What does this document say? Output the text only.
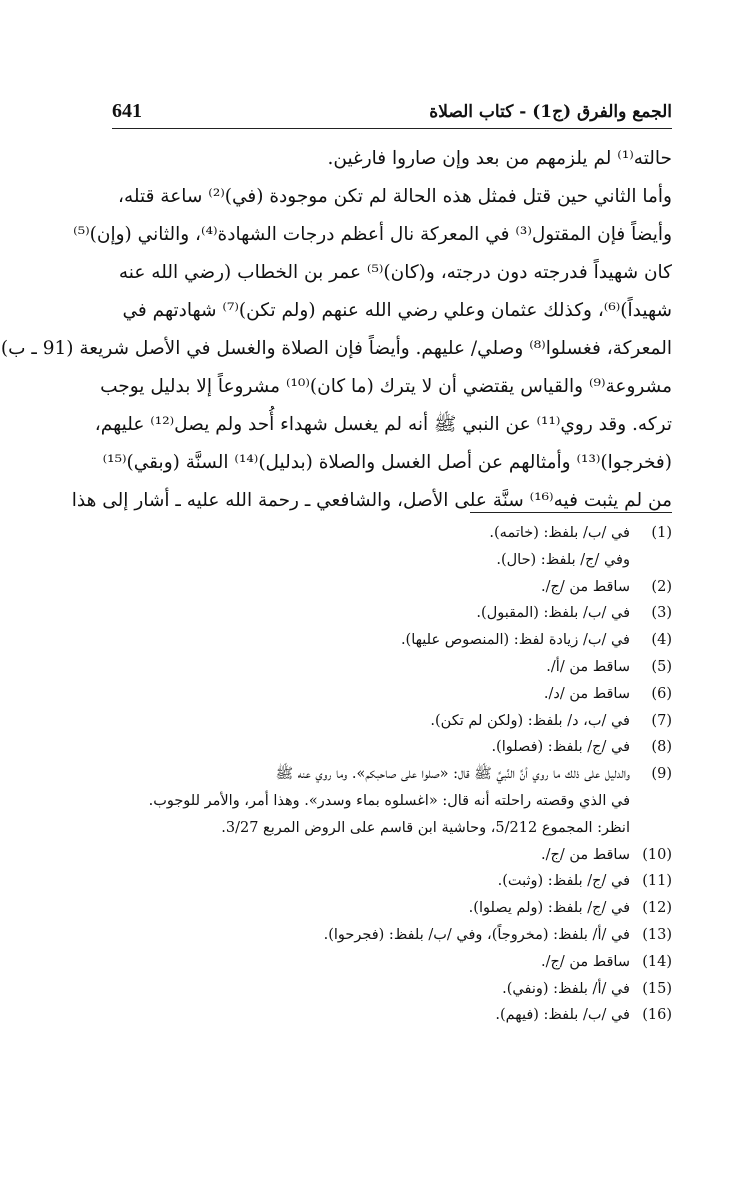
641	الجمع والفرق (ج1) - كتاب الصلاة
حالته⁽¹⁾ لم يلزمهم من بعد وإن صاروا فارغين.
وأما الثاني حين قتل فمثل هذه الحالة لم تكن موجودة (في)⁽²⁾ ساعة قتله،
وأيضاً فإن المقتول⁽³⁾ في المعركة نال أعظم درجات الشهادة⁽⁴⁾، والثاني (وإن)⁽⁵⁾
كان شهيداً فدرجته دون درجته، و(كان)⁽⁵⁾ عمر بن الخطاب (رضي الله عنه
شهيداً)⁽⁶⁾، وكذلك عثمان وعلي رضي الله عنهم (ولم تكن)⁽⁷⁾ شهادتهم في
المعركة، فغسلوا⁽⁸⁾ وصلي/ عليهم. وأيضاً فإن الصلاة والغسل في الأصل شريعة (91 ـ ب)
مشروعة⁽⁹⁾ والقياس يقتضي أن لا يترك (ما كان)⁽¹⁰⁾ مشروعاً إلا بدليل يوجب
تركه. وقد روي⁽¹¹⁾ عن النبي ﷺ أنه لم يغسل شهداء أُحد ولم يصل⁽¹²⁾ عليهم،
(فخرجوا)⁽¹³⁾ وأمثالهم عن أصل الغسل والصلاة (بدليل)⁽¹⁴⁾ السنَّة (وبقي)⁽¹⁵⁾
من لم يثبت فيه⁽¹⁶⁾ سنَّة على الأصل، والشافعي ـ رحمة الله عليه ـ أشار إلى هذا
(1)
في /ب/ بلفظ: (خاتمه).
وفي /ج/ بلفظ: (حال).
(2)
ساقط من /ج/.
(3)
في /ب/ بلفظ: (المقبول).
(4)
في /ب/ زيادة لفظ: (المنصوص عليها).
(5)
ساقط من /أ/.
(6)
ساقط من /د/.
(7)
في /ب، د/ بلفظ: (ولكن لم تكن).
(8)
في /ج/ بلفظ: (فصلوا).
(9)
والدليل على ذلك ما روي أنَّ النَّبيَّ ﷺ قال: «صلوا على صاحبكم». وما روي عنه ﷺ
في الذي وقصته راحلته أنه قال: «اغسلوه بماء وسدر». وهذا أمر، والأمر للوجوب.
انظر: المجموع 5/212، وحاشية ابن قاسم على الروض المربع 3/27.
(10)
ساقط من /ج/.
(11)
في /ج/ بلفظ: (وثبت).
(12)
في /ج/ بلفظ: (ولم يصلوا).
(13)
في /أ/ بلفظ: (مخروجاً)، وفي /ب/ بلفظ: (فجرحوا).
(14)
ساقط من /ج/.
(15)
في /أ/ بلفظ: (ونفي).
(16)
في /ب/ بلفظ: (فيهم).
